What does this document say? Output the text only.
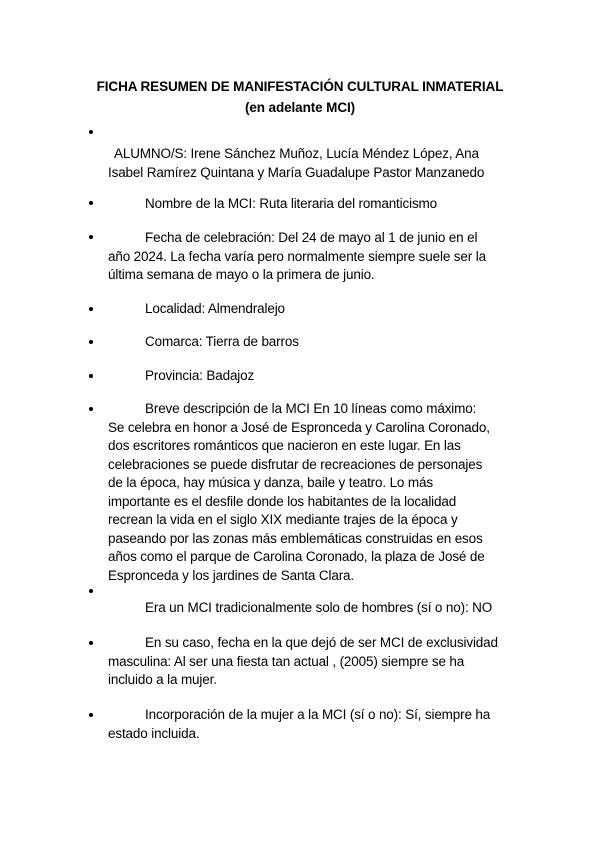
FICHA RESUMEN DE MANIFESTACIÓN CULTURAL INMATERIAL
(en adelante MCI)
ALUMNO/S: Irene Sánchez Muñoz, Lucía Méndez López, Ana
Isabel Ramírez Quintana y María Guadalupe Pastor Manzanedo
Nombre de la MCI: Ruta literaria del romanticismo
Fecha de celebración: Del 24 de mayo al 1 de junio en el
año 2024. La fecha varía pero normalmente siempre suele ser la
última semana de mayo o la primera de junio.
Localidad: Almendralejo
Comarca: Tierra de barros
Provincia: Badajoz
Breve descripción de la MCI En 10 líneas como máximo:
Se celebra en honor a José de Espronceda y Carolina Coronado,
dos escritores románticos que nacieron en este lugar. En las
celebraciones se puede disfrutar de recreaciones de personajes
de la época, hay música y danza, baile y teatro. Lo más
importante es el desfile donde los habitantes de la localidad
recrean la vida en el siglo XIX mediante trajes de la época y
paseando por las zonas más emblemáticas construidas en esos
años como el parque de Carolina Coronado, la plaza de José de
Espronceda y los jardines de Santa Clara.
Era un MCI tradicionalmente solo de hombres (sí o no): NO
En su caso, fecha en la que dejó de ser MCI de exclusividad
masculina: Al ser una fiesta tan actual , (2005) siempre se ha
incluido a la mujer.
Incorporación de la mujer a la MCI (sí o no): Sí, siempre ha
estado incluida.
